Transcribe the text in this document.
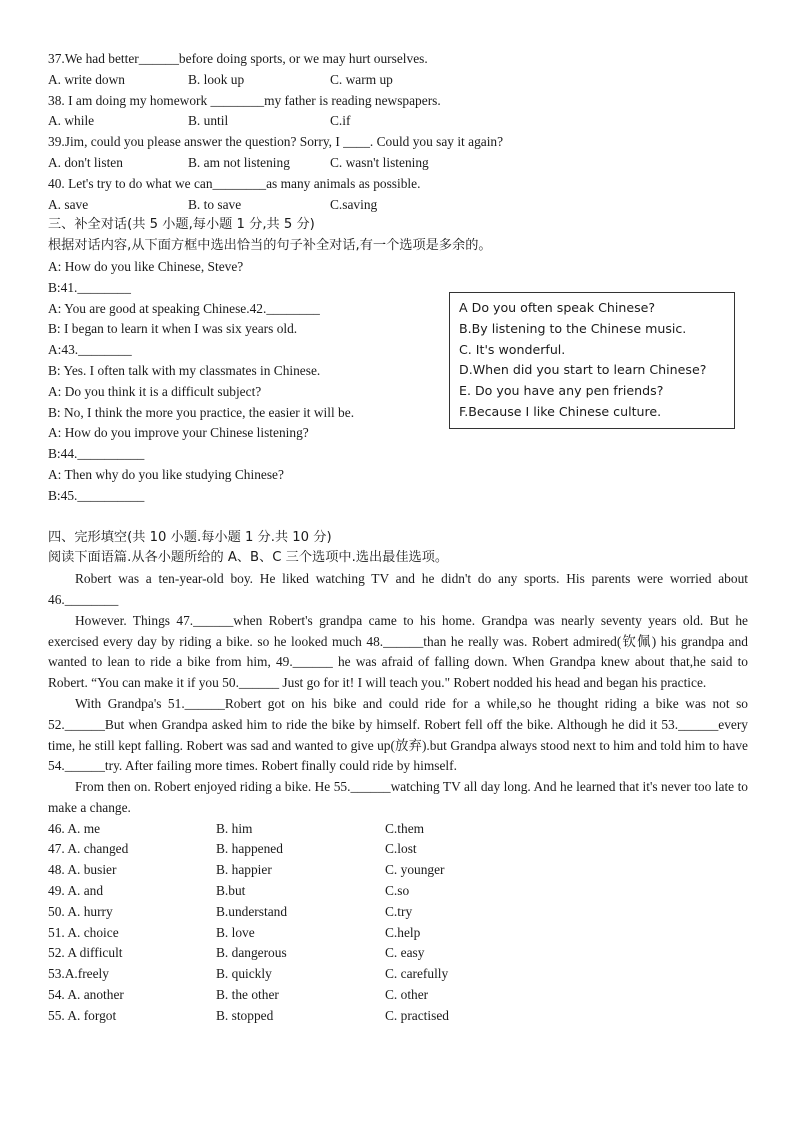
37.We had better______before doing sports, or we may hurt ourselves.
A. write down	B. look up	C. warm up
38. I am doing my homework ________my father is reading newspapers.
A. while	B. until	C.if
39.Jim, could you please answer the question? Sorry, I ____. Could you say it again?
A. don't listen	B. am not listening	C. wasn't listening
40. Let's try to do what we can________as many animals as possible.
A. save	B. to save	C.saving
三、补全对话(共 5 小题,每小题 1 分,共 5 分)
根据对话内容,从下面方框中选出恰当的句子补全对话,有一个选项是多余的。
A: How do you like Chinese, Steve?
B:41.________
A: You are good at speaking Chinese.42.________
B: I began to learn it when I was six years old.
A:43.________
B: Yes. I often talk with my classmates in Chinese.
A: Do you think it is a difficult subject?
B: No, I think the more you practice, the easier it will be.
A: How do you improve your Chinese listening?
B:44.__________
A: Then why do you like studying Chinese?
B:45.__________
A Do you often speak Chinese?
B.By listening to the Chinese music.
C. It's wonderful.
D.When did you start to learn Chinese?
E. Do you have any pen friends?
F.Because I like Chinese culture.
四、完形填空(共 10 小题.每小题 1 分.共 10 分)
阅读下面语篇.从各小题所给的 A、B、C 三个选项中.选出最佳选项。
Robert was a ten-year-old boy. He liked watching TV and he didn't do any sports. His parents were worried about 46.________
However. Things 47.______when Robert's grandpa came to his home. Grandpa was nearly seventy years old. But he exercised every day by riding a bike. so he looked much 48.______than he really was. Robert admired(钦佩) his grandpa and wanted to lean to ride a bike from him, 49.______ he was afraid of falling down. When Grandpa knew about that,he said to Robert. “You can make it if you 50.______ Just go for it! I will teach you." Robert nodded his head and began his practice.
With Grandpa's 51.______Robert got on his bike and could ride for a while,so he thought riding a bike was not so 52.______But when Grandpa asked him to ride the bike by himself. Robert fell off the bike. Although he did it 53.______every time, he still kept falling. Robert was sad and wanted to give up(放弃).but Grandpa always stood next to him and told him to have 54.______try. After failing more times. Robert finally could ride by himself.
From then on. Robert enjoyed riding a bike. He 55.______watching TV all day long. And he learned that it's never too late to make a change.
46. A. me	B. him	C.them
47. A. changed	B. happened	C.lost
48. A. busier	B. happier	C. younger
49. A. and	B.but	C.so
50. A. hurry	B.understand	C.try
51. A. choice	B. love	C.help
52. A difficult	B. dangerous	C. easy
53.A.freely	B. quickly	C. carefully
54. A. another	B. the other	C. other
55. A. forgot	B. stopped	C. practised
